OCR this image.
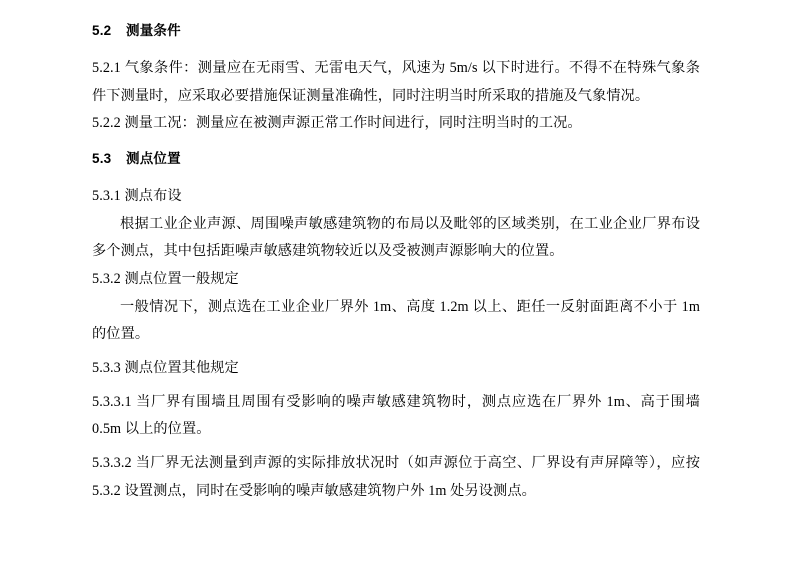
5.2 测量条件

5.2.1 气象条件：测量应在无雨雪、无雷电天气，风速为 5m/s 以下时进行。不得不在特殊气象条件下测量时，应采取必要措施保证测量准确性，同时注明当时所采取的措施及气象情况。

5.2.2 测量工况：测量应在被测声源正常工作时间进行，同时注明当时的工况。

5.3 测点位置

5.3.1 测点布设

根据工业企业声源、周围噪声敏感建筑物的布局以及毗邻的区域类别，在工业企业厂界布设多个测点，其中包括距噪声敏感建筑物较近以及受被测声源影响大的位置。

5.3.2 测点位置一般规定

一般情况下，测点选在工业企业厂界外 1m、高度 1.2m 以上、距任一反射面距离不小于 1m 的位置。

5.3.3 测点位置其他规定

5.3.3.1 当厂界有围墙且周围有受影响的噪声敏感建筑物时，测点应选在厂界外 1m、高于围墙 0.5m 以上的位置。

5.3.3.2 当厂界无法测量到声源的实际排放状况时（如声源位于高空、厂界设有声屏障等），应按 5.3.2 设置测点，同时在受影响的噪声敏感建筑物户外 1m 处另设测点。
